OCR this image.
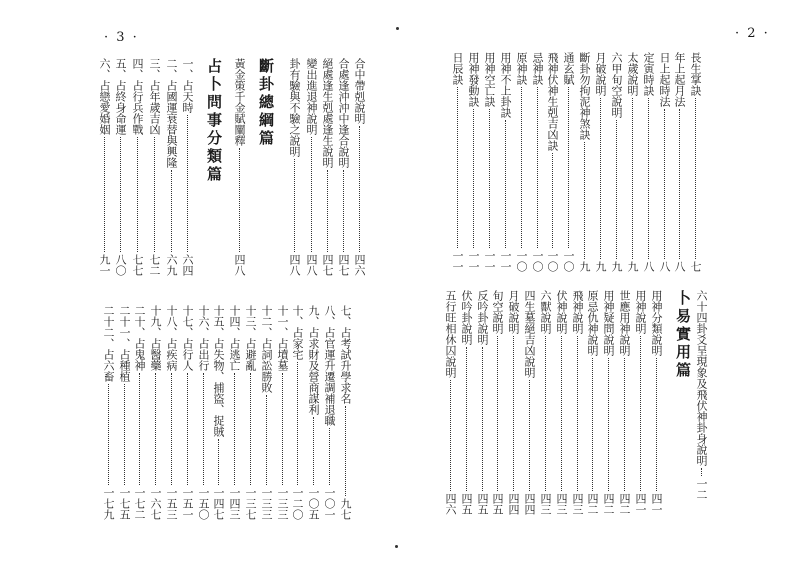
· 3 ·	· 2 ·
合中帶剋說明
四六
合處逢沖沖中逢合說明
四七
絕處逢生剋處逢生說明
四七
變出進退神說明
四八
卦有驗與不驗之說明
四八
斷卦總綱篇
黃金策千金賦闡釋
四八
占卜問事分類篇
一、占天時
六四
二、占國運衰替與興隆
六九
三、占年歲吉凶
七二
四、占行兵作戰
七七
五、占終身命運
八〇
六、占戀愛婚姻
九一
七、占考試升學求名
九七
八、占官運升遷調補退職
一〇一
九、占求財及營商謀利
一〇五
十、占家宅
一二〇
十一、占墳墓
一三三
十二、占詞訟勝敗
一三三
十三、占避亂
一三七
十四、占逃亡
一四三
十五、占失物、捕盜、捉賊
一四七
十六、占出行
一五〇
十七、占行人
一五一
十八、占疾病
一五三
十九、占醫藥
一六七
二十、占鬼神
一七二
二十一、占種植
一七五
二十二、占六畜
一七九
長生掌訣
七
年上起月法
八
日上起時法
八
定寅時訣
八
太歲說明
九
六甲旬空說明
九
月破說明
九
斷卦勿拘泥神煞訣
九
通玄賦
一〇
飛神伏神生剋吉凶訣
一〇
忌神訣
一〇
原神訣
一〇
用神不上卦訣
一一
用神空亡訣
一一
用神發動訣
一一
日辰訣
一一
六十四卦爻呈現象及飛伏神卦身說明
一二
卜易實用篇
用神分類說明
四一
用神說明
四一
世應用神說明
四二
用神疑問說明
四二
原忌仇神說明
四二
飛神說明
四三
伏神說明
四三
六獸說明
四三
四生墓絕吉凶說明
四四
月破說明
四四
旬空說明
四五
反吟卦說明
四五
伏吟卦說明
四五
五行旺相休囚說明
四六
